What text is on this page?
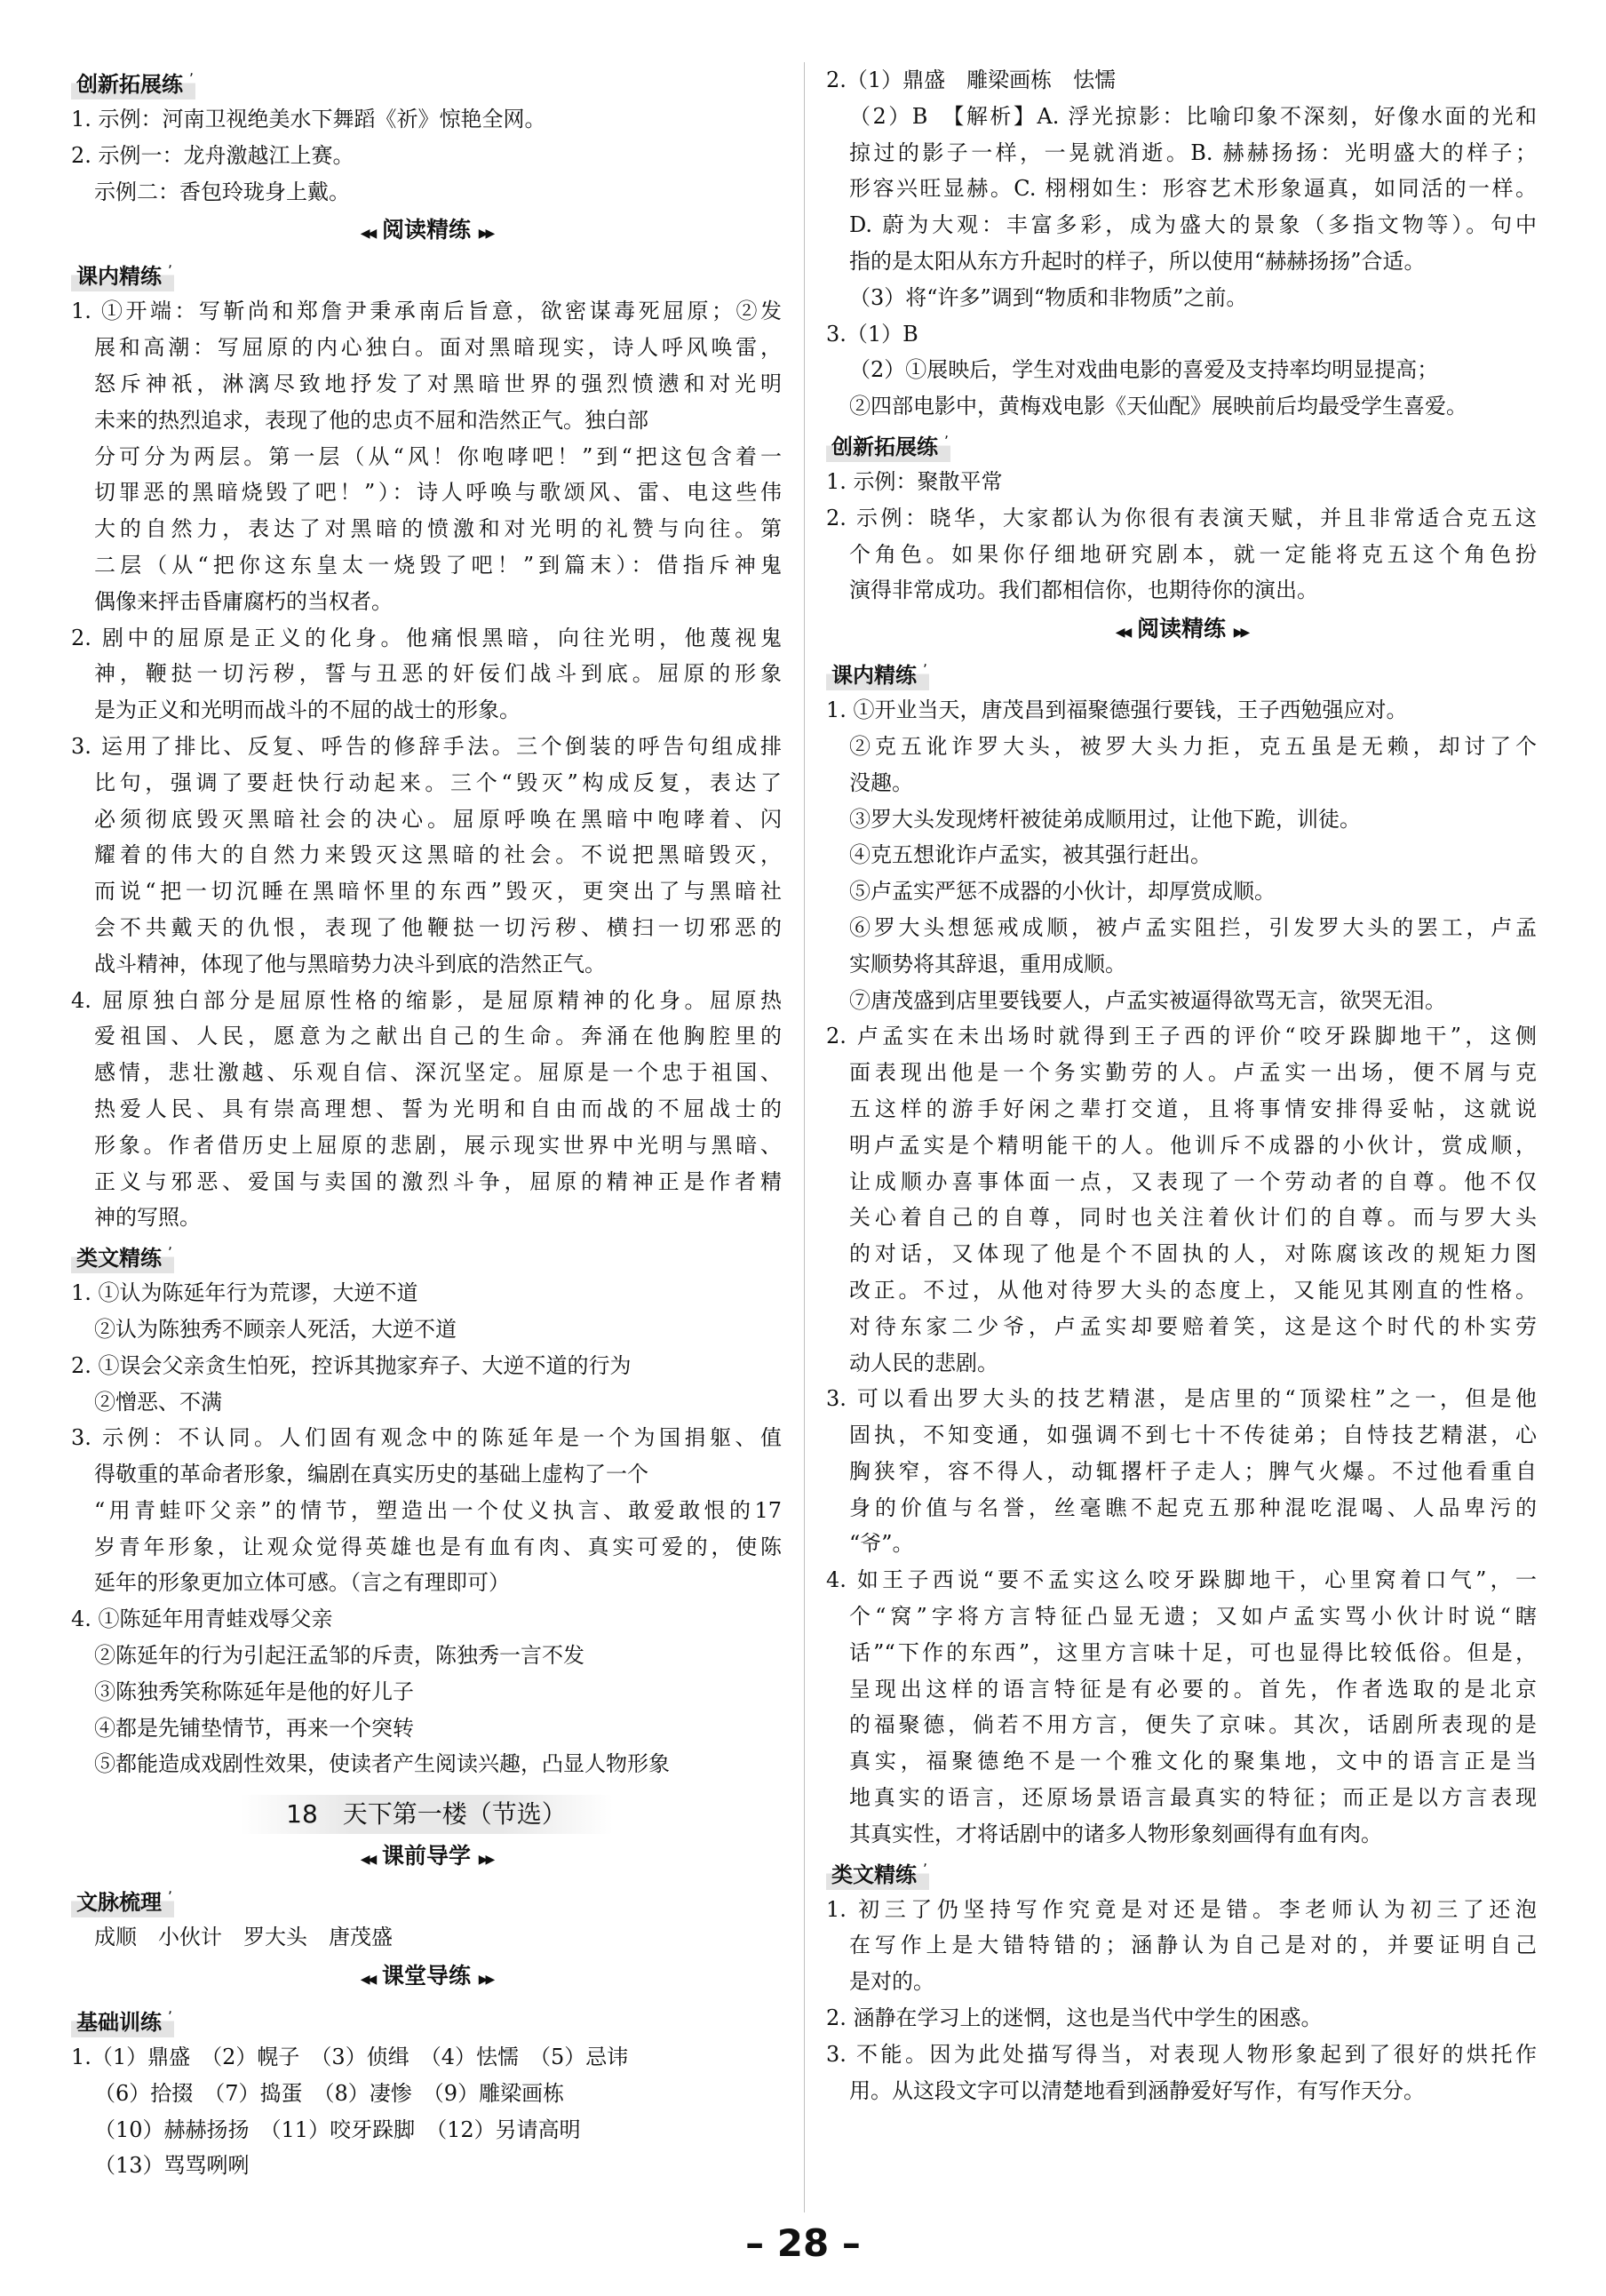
创新拓展练 ʼ
1. 示例：河南卫视绝美水下舞蹈《祈》惊艳全网。
2. 示例一：龙舟激越江上赛。
示例二：香包玲珑身上戴。
◀◀ 阅读精练 ▶▶
课内精练 ʼ
1. ①开端：写靳尚和郑詹尹秉承南后旨意，欲密谋毒死屈原；②发
展和高潮：写屈原的内心独白。面对黑暗现实，诗人呼风唤雷，
怒斥神祇，淋漓尽致地抒发了对黑暗世界的强烈愤懑和对光明
未来的热烈追求，表现了他的忠贞不屈和浩然正气。独白部
分可分为两层。第一层（从“风！你咆哮吧！”到“把这包含着一
切罪恶的黑暗烧毁了吧！”）：诗人呼唤与歌颂风、雷、电这些伟
大的自然力，表达了对黑暗的愤激和对光明的礼赞与向往。第
二层（从“把你这东皇太一烧毁了吧！”到篇末）：借指斥神鬼
偶像来抨击昏庸腐朽的当权者。
2. 剧中的屈原是正义的化身。他痛恨黑暗，向往光明，他蔑视鬼
神，鞭挞一切污秽，誓与丑恶的奸佞们战斗到底。屈原的形象
是为正义和光明而战斗的不屈的战士的形象。
3. 运用了排比、反复、呼告的修辞手法。三个倒装的呼告句组成排
比句，强调了要赶快行动起来。三个“毁灭”构成反复，表达了
必须彻底毁灭黑暗社会的决心。屈原呼唤在黑暗中咆哮着、闪
耀着的伟大的自然力来毁灭这黑暗的社会。不说把黑暗毁灭，
而说“把一切沉睡在黑暗怀里的东西”毁灭，更突出了与黑暗社
会不共戴天的仇恨，表现了他鞭挞一切污秽、横扫一切邪恶的
战斗精神，体现了他与黑暗势力决斗到底的浩然正气。
4. 屈原独白部分是屈原性格的缩影，是屈原精神的化身。屈原热
爱祖国、人民，愿意为之献出自己的生命。奔涌在他胸腔里的
感情，悲壮激越、乐观自信、深沉坚定。屈原是一个忠于祖国、
热爱人民、具有崇高理想、誓为光明和自由而战的不屈战士的
形象。作者借历史上屈原的悲剧，展示现实世界中光明与黑暗、
正义与邪恶、爱国与卖国的激烈斗争，屈原的精神正是作者精
神的写照。
类文精练 ʼ
1. ①认为陈延年行为荒谬，大逆不道
②认为陈独秀不顾亲人死活，大逆不道
2. ①误会父亲贪生怕死，控诉其抛家弃子、大逆不道的行为
②憎恶、不满
3. 示例：不认同。人们固有观念中的陈延年是一个为国捐躯、值
得敬重的革命者形象，编剧在真实历史的基础上虚构了一个
“用青蛙吓父亲”的情节，塑造出一个仗义执言、敢爱敢恨的17
岁青年形象，让观众觉得英雄也是有血有肉、真实可爱的，使陈
延年的形象更加立体可感。（言之有理即可）
4. ①陈延年用青蛙戏辱父亲
②陈延年的行为引起汪孟邹的斥责，陈独秀一言不发
③陈独秀笑称陈延年是他的好儿子
④都是先铺垫情节，再来一个突转
⑤都能造成戏剧性效果，使读者产生阅读兴趣，凸显人物形象
18　天下第一楼（节选）
◀◀ 课前导学 ▶▶
文脉梳理 ʼ
成顺　小伙计　罗大头　唐茂盛
◀◀ 课堂导练 ▶▶
基础训练 ʼ
1.（1）鼎盛　（2）幌子　（3）侦缉　（4）怯懦　（5）忌讳
（6）拾掇　（7）捣蛋　（8）凄惨　（9）雕梁画栋
（10）赫赫扬扬　（11）咬牙跺脚　（12）另请高明
（13）骂骂咧咧
2.（1）鼎盛　雕梁画栋　怯懦
（2）B　【解析】A. 浮光掠影：比喻印象不深刻，好像水面的光和
掠过的影子一样，一晃就消逝。B. 赫赫扬扬：光明盛大的样子；
形容兴旺显赫。C. 栩栩如生：形容艺术形象逼真，如同活的一样。
D. 蔚为大观：丰富多彩，成为盛大的景象（多指文物等）。句中
指的是太阳从东方升起时的样子，所以使用“赫赫扬扬”合适。
（3）将“许多”调到“物质和非物质”之前。
3.（1）B
（2）①展映后，学生对戏曲电影的喜爱及支持率均明显提高；
②四部电影中，黄梅戏电影《天仙配》展映前后均最受学生喜爱。
创新拓展练 ʼ
1. 示例：聚散平常
2. 示例：晓华，大家都认为你很有表演天赋，并且非常适合克五这
个角色。如果你仔细地研究剧本，就一定能将克五这个角色扮
演得非常成功。我们都相信你，也期待你的演出。
◀◀ 阅读精练 ▶▶
课内精练 ʼ
1. ①开业当天，唐茂昌到福聚德强行要钱，王子西勉强应对。
②克五讹诈罗大头，被罗大头力拒，克五虽是无赖，却讨了个
没趣。
③罗大头发现烤杆被徒弟成顺用过，让他下跪，训徒。
④克五想讹诈卢孟实，被其强行赶出。
⑤卢孟实严惩不成器的小伙计，却厚赏成顺。
⑥罗大头想惩戒成顺，被卢孟实阻拦，引发罗大头的罢工，卢孟
实顺势将其辞退，重用成顺。
⑦唐茂盛到店里要钱要人，卢孟实被逼得欲骂无言，欲哭无泪。
2. 卢孟实在未出场时就得到王子西的评价“咬牙跺脚地干”，这侧
面表现出他是一个务实勤劳的人。卢孟实一出场，便不屑与克
五这样的游手好闲之辈打交道，且将事情安排得妥帖，这就说
明卢孟实是个精明能干的人。他训斥不成器的小伙计，赏成顺，
让成顺办喜事体面一点，又表现了一个劳动者的自尊。他不仅
关心着自己的自尊，同时也关注着伙计们的自尊。而与罗大头
的对话，又体现了他是个不固执的人，对陈腐该改的规矩力图
改正。不过，从他对待罗大头的态度上，又能见其刚直的性格。
对待东家二少爷，卢孟实却要赔着笑，这是这个时代的朴实劳
动人民的悲剧。
3. 可以看出罗大头的技艺精湛，是店里的“顶梁柱”之一，但是他
固执，不知变通，如强调不到七十不传徒弟；自恃技艺精湛，心
胸狭窄，容不得人，动辄撂杆子走人；脾气火爆。不过他看重自
身的价值与名誉，丝毫瞧不起克五那种混吃混喝、人品卑污的
“爷”。
4. 如王子西说“要不孟实这么咬牙跺脚地干，心里窝着口气”，一
个“窝”字将方言特征凸显无遗；又如卢孟实骂小伙计时说“瞎
话”“下作的东西”，这里方言味十足，可也显得比较低俗。但是，
呈现出这样的语言特征是有必要的。首先，作者选取的是北京
的福聚德，倘若不用方言，便失了京味。其次，话剧所表现的是
真实，福聚德绝不是一个雅文化的聚集地，文中的语言正是当
地真实的语言，还原场景语言最真实的特征；而正是以方言表现
其真实性，才将话剧中的诸多人物形象刻画得有血有肉。
类文精练 ʼ
1. 初三了仍坚持写作究竟是对还是错。李老师认为初三了还泡
在写作上是大错特错的；涵静认为自己是对的，并要证明自己
是对的。
2. 涵静在学习上的迷惘，这也是当代中学生的困惑。
3. 不能。因为此处描写得当，对表现人物形象起到了很好的烘托作
用。从这段文字可以清楚地看到涵静爱好写作，有写作天分。
– 28 –
